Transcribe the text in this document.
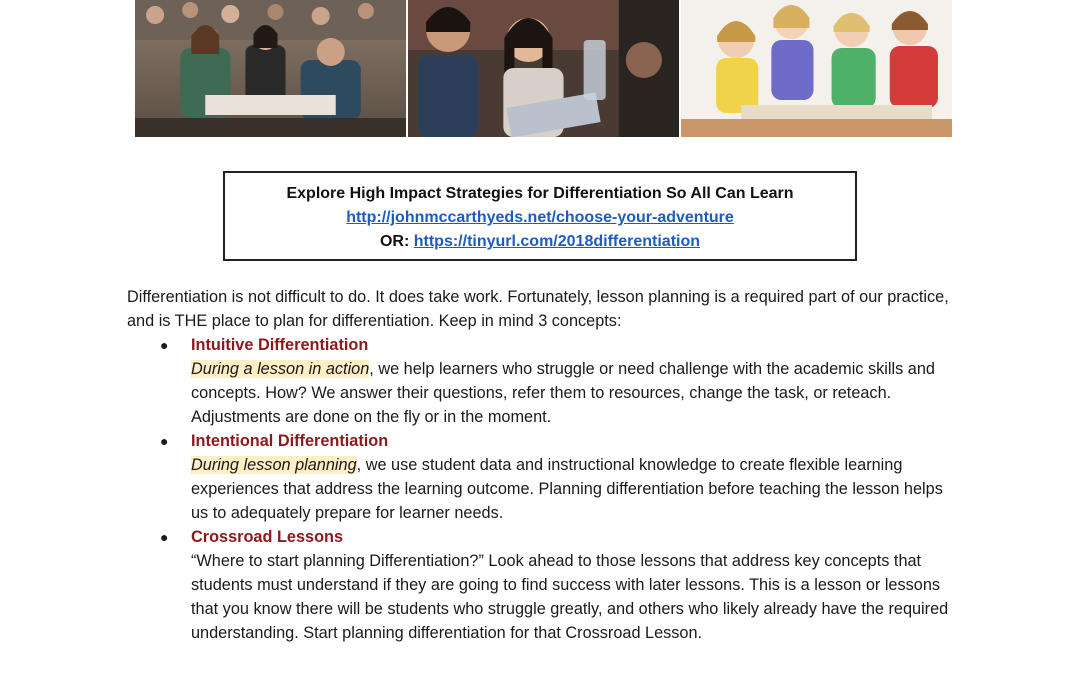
Explore High Impact Strategies for Differentiation So All Can Learn
http://johnmccarthyeds.net/choose-your-adventure
OR: https://tinyurl.com/2018differentiation

Differentiation is not difficult to do. It does take work. Fortunately, lesson planning is a required part of our practice, and is THE place to plan for differentiation. Keep in mind 3 concepts:

● Intuitive Differentiation
During a lesson in action, we help learners who struggle or need challenge with the academic skills and concepts. How? We answer their questions, refer them to resources, change the task, or reteach. Adjustments are done on the fly or in the moment.
● Intentional Differentiation
During lesson planning, we use student data and instructional knowledge to create flexible learning experiences that address the learning outcome. Planning differentiation before teaching the lesson helps us to adequately prepare for learner needs.
● Crossroad Lessons
“Where to start planning Differentiation?” Look ahead to those lessons that address key concepts that students must understand if they are going to find success with later lessons. This is a lesson or lessons that you know there will be students who struggle greatly, and others who likely already have the required understanding. Start planning differentiation for that Crossroad Lesson.
